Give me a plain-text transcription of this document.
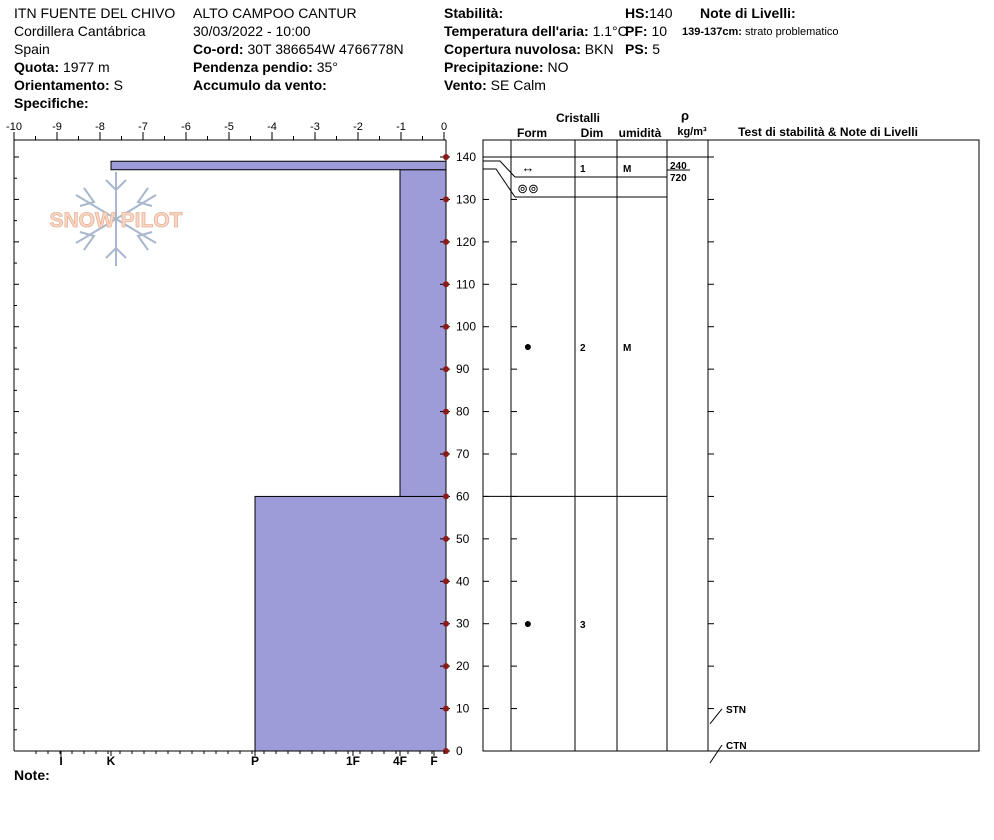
ITN FUENTE DEL CHIVO
Cordillera Cantábrica
Spain
Quota: 1977 m
Orientamento: S
Specifiche:
ALTO CAMPOO CANTUR
30/03/2022 - 10:00
Co-ord: 30T 386654W 4766778N
Pendenza pendio: 35°
Accumulo da vento:
Stabilità:
Temperatura dell'aria: 1.1°C
Copertura nuvolosa: BKN
Precipitazione: NO
Vento: SE Calm
HS:140
PF: 10
PS: 5
Note di Livelli:
139-137cm: strato problematico
Note:
SNOW PILOT
-10	-9	-8	-7	-6	-5	-4	-3	-2	-1	0
0
10
20
30
40
50
60
70
80
90
100
110
120
130
140
I	K	P	1F	4F F
Cristalli
Form	Dim umidità
ρ
kg/m³	Test di stabilità & Note di Livelli
●	3
●	2	M
⊚⊚
↔	1	M	240
720
STN
CTN
